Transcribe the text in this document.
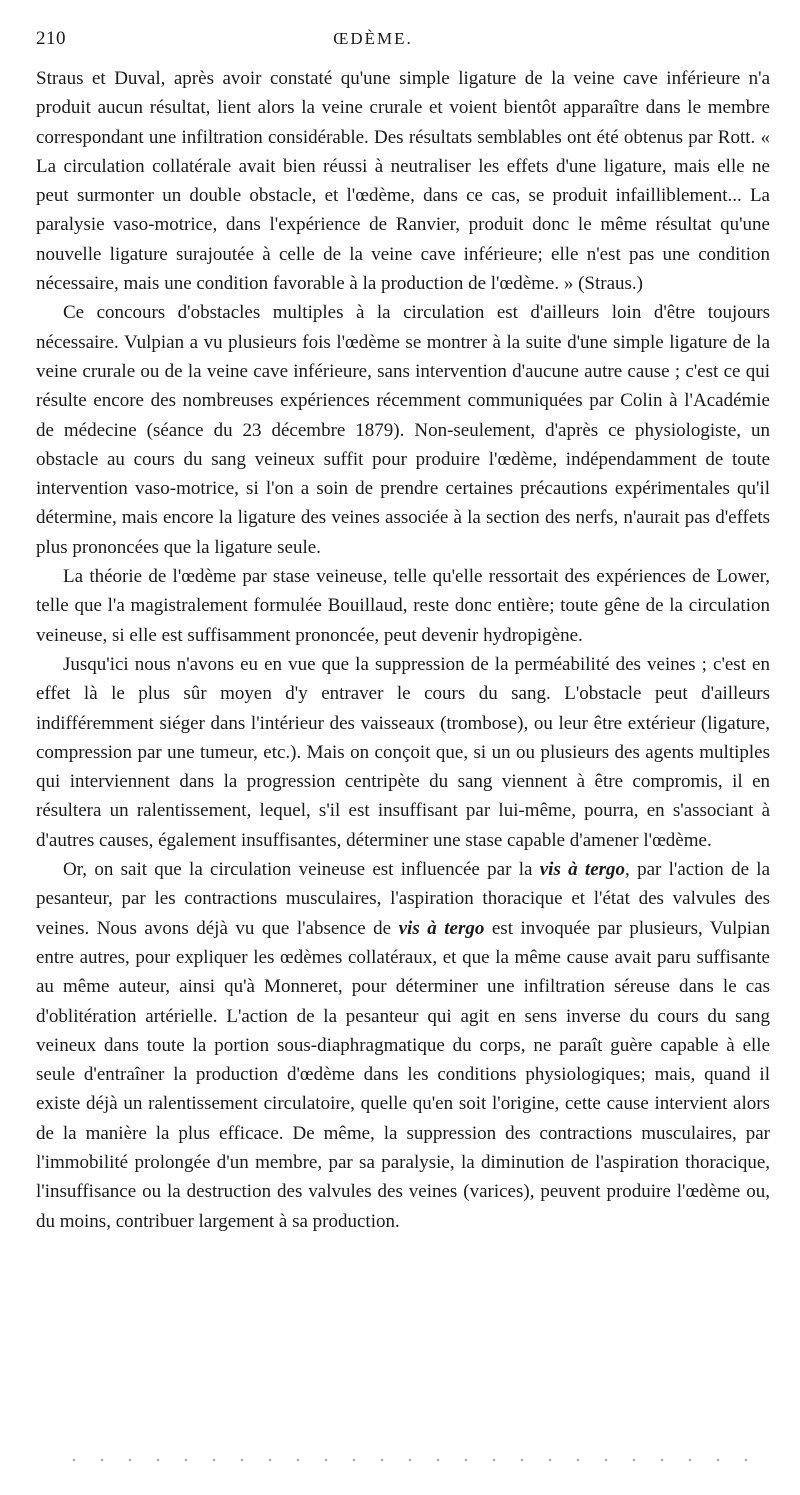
210	ŒDÈME.

Straus et Duval, après avoir constaté qu'une simple ligature de la veine cave inférieure n'a produit aucun résultat, lient alors la veine crurale et voient bientôt apparaître dans le membre correspondant une infiltration considérable. Des résultats semblables ont été obtenus par Rott. « La circulation collatérale avait bien réussi à neutraliser les effets d'une ligature, mais elle ne peut surmonter un double obstacle, et l'œdème, dans ce cas, se produit infailliblement... La paralysie vaso-motrice, dans l'expérience de Ranvier, produit donc le même résultat qu'une nouvelle ligature surajoutée à celle de la veine cave inférieure; elle n'est pas une condition nécessaire, mais une condition favorable à la production de l'œdème. » (Straus.)

Ce concours d'obstacles multiples à la circulation est d'ailleurs loin d'être toujours nécessaire. Vulpian a vu plusieurs fois l'œdème se montrer à la suite d'une simple ligature de la veine crurale ou de la veine cave inférieure, sans intervention d'aucune autre cause ; c'est ce qui résulte encore des nombreuses expériences récemment communiquées par Colin à l'Académie de médecine (séance du 23 décembre 1879). Non-seulement, d'après ce physiologiste, un obstacle au cours du sang veineux suffit pour produire l'œdème, indépendamment de toute intervention vaso-motrice, si l'on a soin de prendre certaines précautions expérimentales qu'il détermine, mais encore la ligature des veines associée à la section des nerfs, n'aurait pas d'effets plus prononcées que la ligature seule.

La théorie de l'œdème par stase veineuse, telle qu'elle ressortait des expériences de Lower, telle que l'a magistralement formulée Bouillaud, reste donc entière; toute gêne de la circulation veineuse, si elle est suffisamment prononcée, peut devenir hydropigène.

Jusqu'ici nous n'avons eu en vue que la suppression de la perméabilité des veines ; c'est en effet là le plus sûr moyen d'y entraver le cours du sang. L'obstacle peut d'ailleurs indifféremment siéger dans l'intérieur des vaisseaux (trombose), ou leur être extérieur (ligature, compression par une tumeur, etc.). Mais on conçoit que, si un ou plusieurs des agents multiples qui interviennent dans la progression centripète du sang viennent à être compromis, il en résultera un ralentissement, lequel, s'il est insuffisant par lui-même, pourra, en s'associant à d'autres causes, également insuffisantes, déterminer une stase capable d'amener l'œdème.

Or, on sait que la circulation veineuse est influencée par la vis à tergo, par l'action de la pesanteur, par les contractions musculaires, l'aspiration thoracique et l'état des valvules des veines. Nous avons déjà vu que l'absence de vis à tergo est invoquée par plusieurs, Vulpian entre autres, pour expliquer les œdèmes collatéraux, et que la même cause avait paru suffisante au même auteur, ainsi qu'à Monneret, pour déterminer une infiltration séreuse dans le cas d'oblitération artérielle. L'action de la pesanteur qui agit en sens inverse du cours du sang veineux dans toute la portion sous-diaphragmatique du corps, ne paraît guère capable à elle seule d'entraîner la production d'œdème dans les conditions physiologiques; mais, quand il existe déjà un ralentissement circulatoire, quelle qu'en soit l'origine, cette cause intervient alors de la manière la plus efficace. De même, la suppression des contractions musculaires, par l'immobilité prolongée d'un membre, par sa paralysie, la diminution de l'aspiration thoracique, l'insuffisance ou la destruction des valvules des veines (varices), peuvent produire l'œdème ou, du moins, contribuer largement à sa production.
